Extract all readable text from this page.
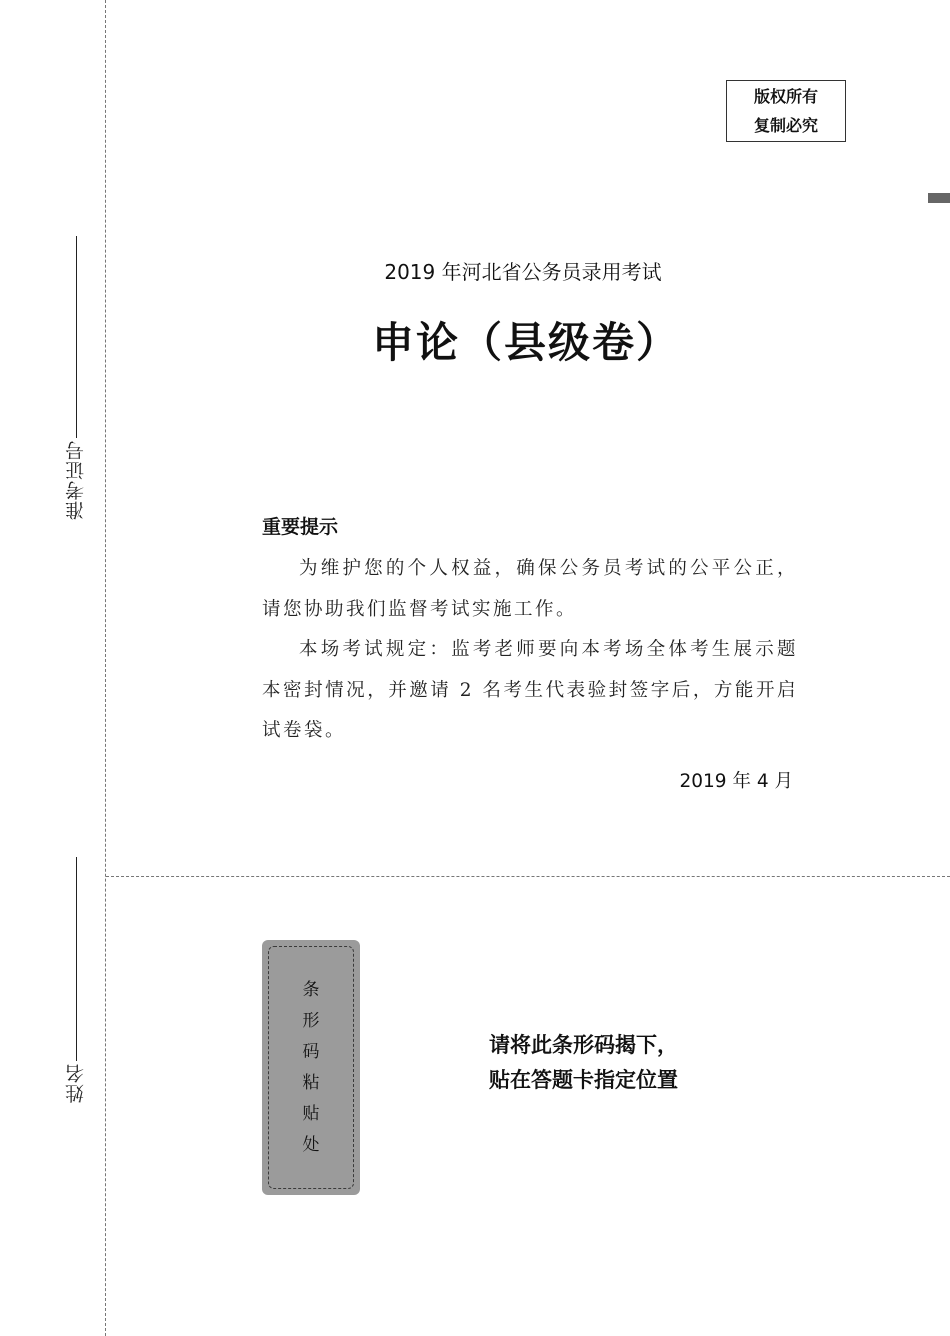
准考证号
姓名
版权所有
复制必究
2019 年河北省公务员录用考试
申论（县级卷）
重要提示

为维护您的个人权益，确保公务员考试的公平公正，请您协助我们监督考试实施工作。

本场考试规定：监考老师要向本考场全体考生展示题本密封情况，并邀请 2 名考生代表验封签字后，方能开启试卷袋。

2019 年 4 月
条
形
码
粘
贴
处
请将此条形码揭下，
贴在答题卡指定位置
